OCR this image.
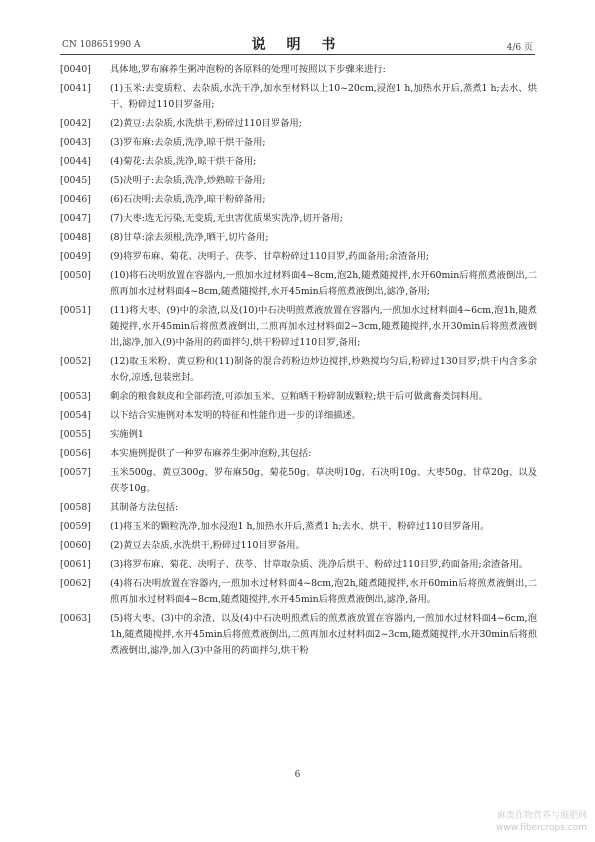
CN 108651990 A	说 明 书	4/6 页
[0040]	具体地,罗布麻养生粥冲泡粉的各原料的处理可按照以下步骤来进行:
[0041]	(1)玉米:去变质粒、去杂质,水洗干净,加水至材料以上10~20cm,浸泡1 h,加热水开后,蒸煮1 h;去水、烘干、粉碎过110目罗备用;
[0042]	(2)黄豆:去杂质,水洗烘干,粉碎过110目罗备用;
[0043]	(3)罗布麻:去杂质,洗净,晾干烘干备用;
[0044]	(4)菊花:去杂质,洗净,晾干烘干备用;
[0045]	(5)决明子:去杂质,洗净,炒熟晾干备用;
[0046]	(6)石决明:去杂质,洗净,晾干粉碎备用;
[0047]	(7)大枣:选无污染,无变质,无虫害优质果实洗净,切开备用;
[0048]	(8)甘草:涂去须根,洗净,晒干,切片备用;
[0049]	(9)将罗布麻、菊花、决明子、茯苓、甘草粉碎过110目罗,药面备用;余渣备用;
[0050]	(10)将石决明放置在容器内,一煎加水过材料面4~8cm,泡2h,随煮随搅拌,水开60min后将煎煮液倒出,二煎再加水过材料面4~8cm,随煮随搅拌,水开45min后将煎煮液倒出,滤净,备用;
[0051]	(11)将大枣、(9)中的余渣,以及(10)中石决明煎煮液放置在容器内,一煎加水过材料面4~6cm,泡1h,随煮随搅拌,水开45min后将煎煮液倒出,二煎再加水过材料面2~3cm,随煮随搅拌,水开30min后将煎煮液倒出,滤净,加入(9)中备用的药面拌匀,烘干粉碎过110目罗,备用;
[0052]	(12)取玉米粉、黄豆粉和(11)制备的混合药粉边炒边搅拌,炒熟搅均匀后,粉碎过130目罗;烘干内含多余水份,凉透,包装密封。
[0053]	剩余的粮食麸皮和全部药渣,可添加玉米、豆粕晒干粉碎制成颗粒;烘干后可做禽畜类饲料用。
[0054]	以下结合实施例对本发明的特征和性能作进一步的详细描述。
[0055]	实施例1
[0056]	本实施例提供了一种罗布麻养生粥冲泡粉,其包括:
[0057]	玉米500g、黄豆300g、罗布麻50g、菊花50g、草决明10g、石决明10g、大枣50g、甘草20g、以及茯苓10g。
[0058]	其制备方法包括:
[0059]	(1)将玉米的颗粒洗净,加水浸泡1 h,加热水开后,蒸煮1 h;去水、烘干、粉碎过110目罗备用。
[0060]	(2)黄豆去杂质,水洗烘干,粉碎过110目罗备用。
[0061]	(3)将罗布麻、菊花、决明子、茯苓、甘草取杂质、洗净后烘干、粉碎过110目罗,药面备用;余渣备用。
[0062]	(4)将石决明放置在容器内,一煎加水过材料面4~8cm,泡2h,随煮随搅拌,水开60min后将煎煮液倒出,二煎再加水过材料面4~8cm,随煮随搅拌,水开45min后将煎煮液倒出,滤净,备用。
[0063]	(5)将大枣、(3)中的余渣、以及(4)中石决明煎煮后的煎煮液放置在容器内,一煎加水过材料面4~6cm,泡1h,随煮随搅拌,水开45min后将煎煮液倒出,二煎再加水过材料面2~3cm,随煮随搅拌,水开30min后将煎煮液倒出,滤净,加入(3)中备用的药面拌匀,烘干粉
6
麻类作物营养与施肥网
www.fibercrops.com
